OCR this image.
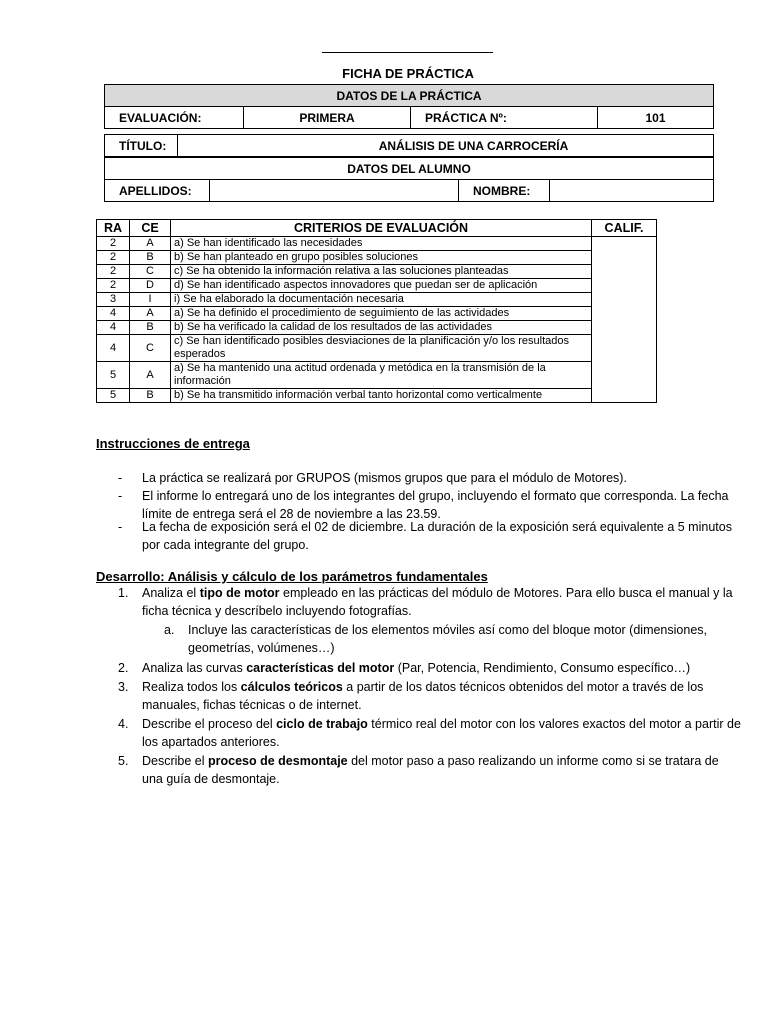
FICHA DE PRÁCTICA
DATOS DE LA PRÁCTICA
EVALUACIÓN:	PRIMERA	PRÁCTICA Nº:	101
TÍTULO:	ANÁLISIS DE UNA CARROCERÍA
DATOS DEL ALUMNO
APELLIDOS:		NOMBRE:	
RA	CE	CRITERIOS DE EVALUACIÓN	CALIF.
2	A	a) Se han identificado las necesidades	
2	B	b) Se han planteado en grupo posibles soluciones	
2	C	c) Se ha obtenido la información relativa a las soluciones planteadas	
2	D	d) Se han identificado aspectos innovadores que puedan ser de aplicación	
3	I	i) Se ha elaborado la documentación necesaria	
4	A	a) Se ha definido el procedimiento de seguimiento de las actividades	
4	B	b) Se ha verificado la calidad de los resultados de las actividades	
4	C	c) Se han identificado posibles desviaciones de la planificación y/o los resultados esperados	
5	A	a) Se ha mantenido una actitud ordenada y metódica en la transmisión de la información	
5	B	b) Se ha transmitido información verbal tanto horizontal como verticalmente	
Instrucciones de entrega
- La práctica se realizará por GRUPOS (mismos grupos que para el módulo de Motores).
- El informe lo entregará uno de los integrantes del grupo, incluyendo el formato que corresponda. La fecha límite de entrega será el 28 de noviembre a las 23.59.
- La fecha de exposición será el 02 de diciembre. La duración de la exposición será equivalente a 5 minutos por cada integrante del grupo.
Desarrollo: Análisis y cálculo de los parámetros fundamentales
1. Analiza el tipo de motor empleado en las prácticas del módulo de Motores. Para ello busca el manual y la ficha técnica y descríbelo incluyendo fotografías.
a. Incluye las características de los elementos móviles así como del bloque motor (dimensiones, geometrías, volúmenes…)
2. Analiza las curvas características del motor (Par, Potencia, Rendimiento, Consumo específico…)
3. Realiza todos los cálculos teóricos a partir de los datos técnicos obtenidos del motor a través de los manuales, fichas técnicas o de internet.
4. Describe el proceso del ciclo de trabajo térmico real del motor con los valores exactos del motor a partir de los apartados anteriores.
5. Describe el proceso de desmontaje del motor paso a paso realizando un informe como si se tratara de una guía de desmontaje.
